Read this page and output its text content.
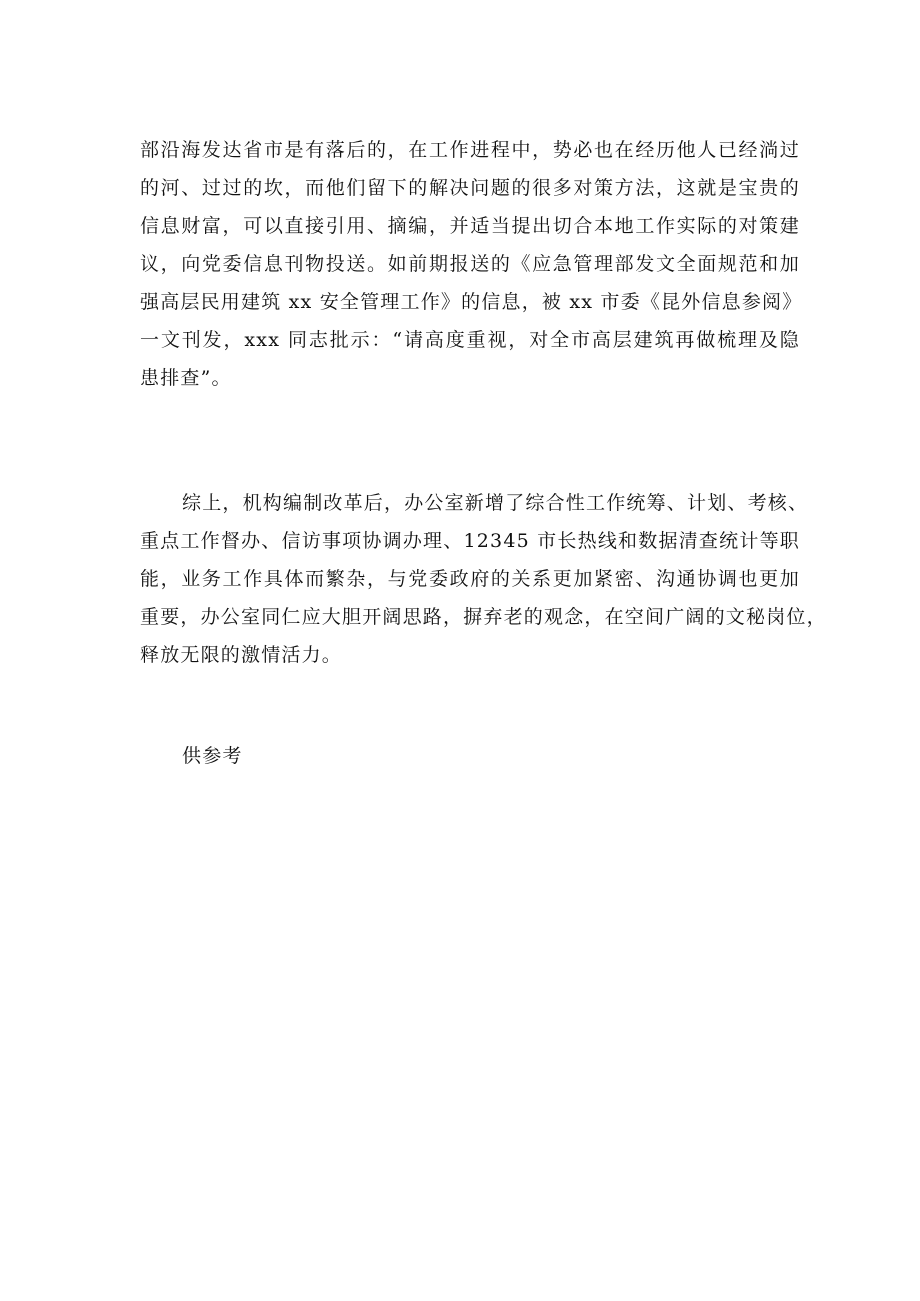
部沿海发达省市是有落后的，在工作进程中，势必也在经历他人已经淌过
的河、过过的坎，而他们留下的解决问题的很多对策方法，这就是宝贵的
信息财富，可以直接引用、摘编，并适当提出切合本地工作实际的对策建
议，向党委信息刊物投送。如前期报送的《应急管理部发文全面规范和加
强高层民用建筑 xx 安全管理工作》的信息，被 xx 市委《昆外信息参阅》
一文刊发，xxx 同志批示：“请高度重视，对全市高层建筑再做梳理及隐
患排查”。
综上，机构编制改革后，办公室新增了综合性工作统筹、计划、考核、
重点工作督办、信访事项协调办理、12345 市长热线和数据清查统计等职
能，业务工作具体而繁杂，与党委政府的关系更加紧密、沟通协调也更加
重要，办公室同仁应大胆开阔思路，摒弃老的观念，在空间广阔的文秘岗位，
释放无限的激情活力。
供参考
